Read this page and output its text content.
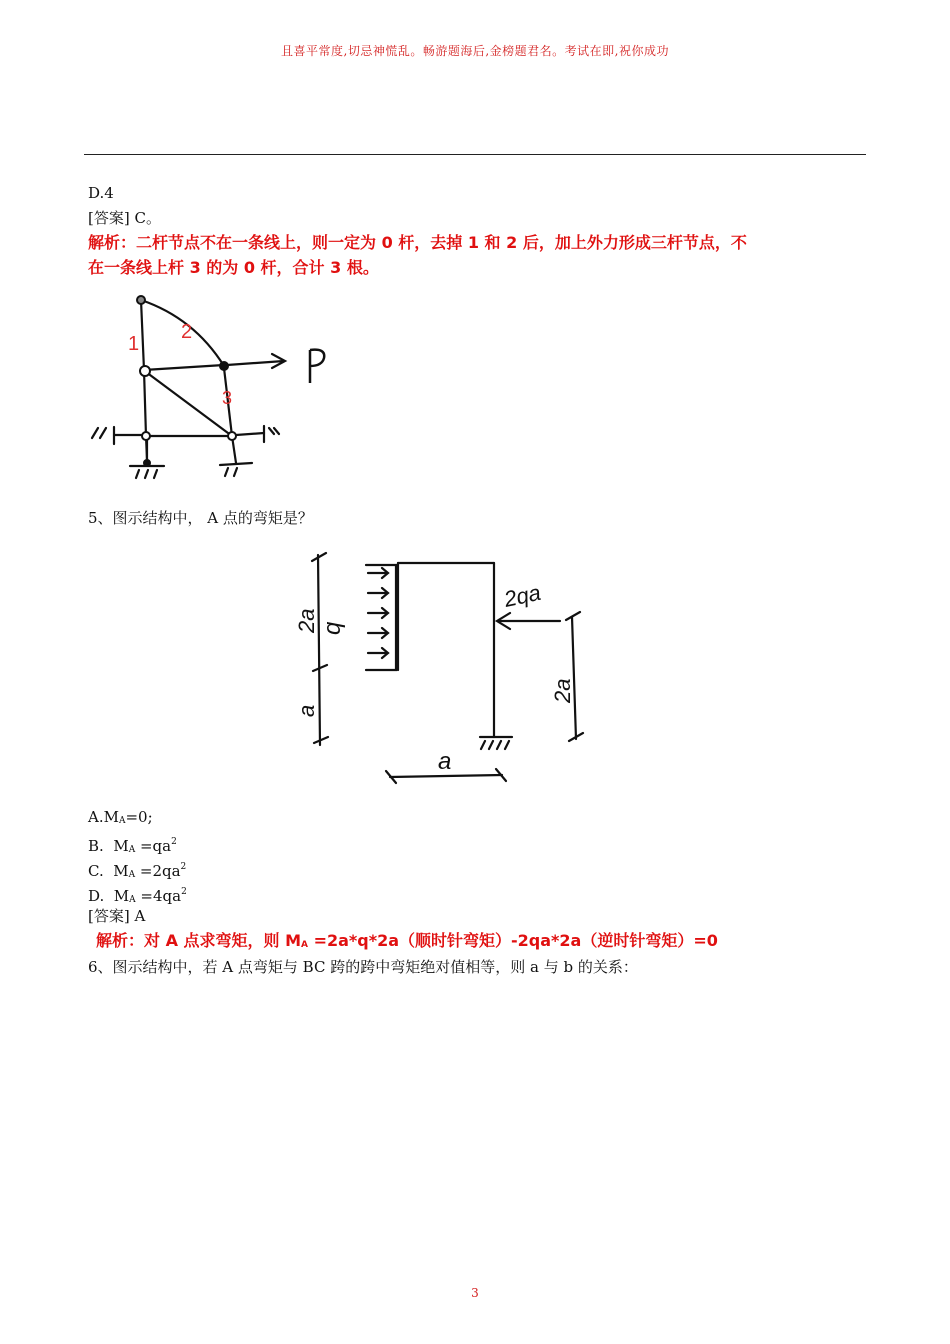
且喜平常度,切忌神慌乱。畅游题海后,金榜题君名。考试在即,祝你成功
D.4
[答案] C。
解析：二杆节点不在一条线上，则一定为 0 杆，去掉 1 和 2 后，加上外力形成三杆节点，不
在一条线上杆 3 的为 0 杆，合计 3 根。
1
2
3
5、图示结构中， A 点的弯矩是？
2a
a
q
2qa
2a
a
A.MA=0;
B.  MA $=qa^2$
C.  MA $=2qa^2$
D.  MA $=4qa^2$
[答案] A
解析：对 A 点求弯矩，则 MA =2a*q*2a（顺时针弯矩）-2qa*2a（逆时针弯矩）=0
6、图示结构中，若 A 点弯矩与 BC 跨的跨中弯矩绝对值相等，则 a 与 b 的关系：
3
